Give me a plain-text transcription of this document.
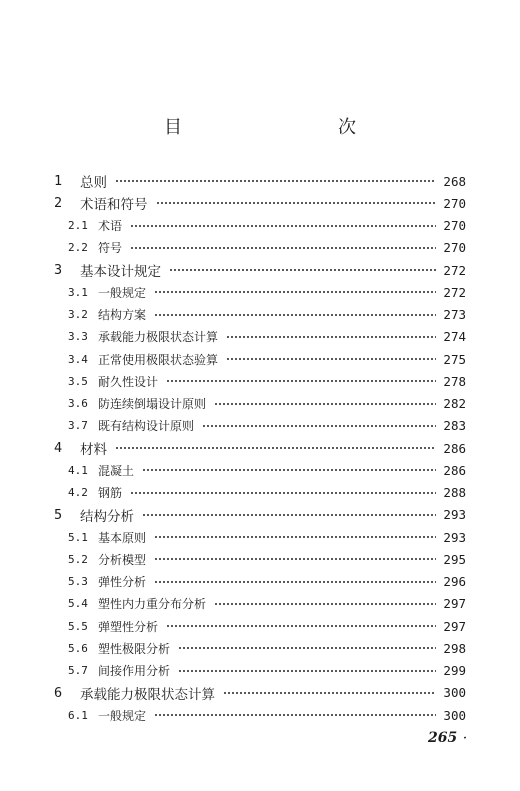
目　　次
1	总则	268
2	术语和符号	270
2.1 术语	270
2.2 符号	270
3	基本设计规定	272
3.1 一般规定	272
3.2 结构方案	273
3.3 承载能力极限状态计算	274
3.4 正常使用极限状态验算	275
3.5 耐久性设计	278
3.6 防连续倒塌设计原则	282
3.7 既有结构设计原则	283
4	材料	286
4.1 混凝土	286
4.2 钢筋	288
5	结构分析	293
5.1 基本原则	293
5.2 分析模型	295
5.3 弹性分析	296
5.4 塑性内力重分布分析	297
5.5 弹塑性分析	297
5.6 塑性极限分析	298
5.7 间接作用分析	299
6	承载能力极限状态计算	300
6.1 一般规定	300
265 ·
